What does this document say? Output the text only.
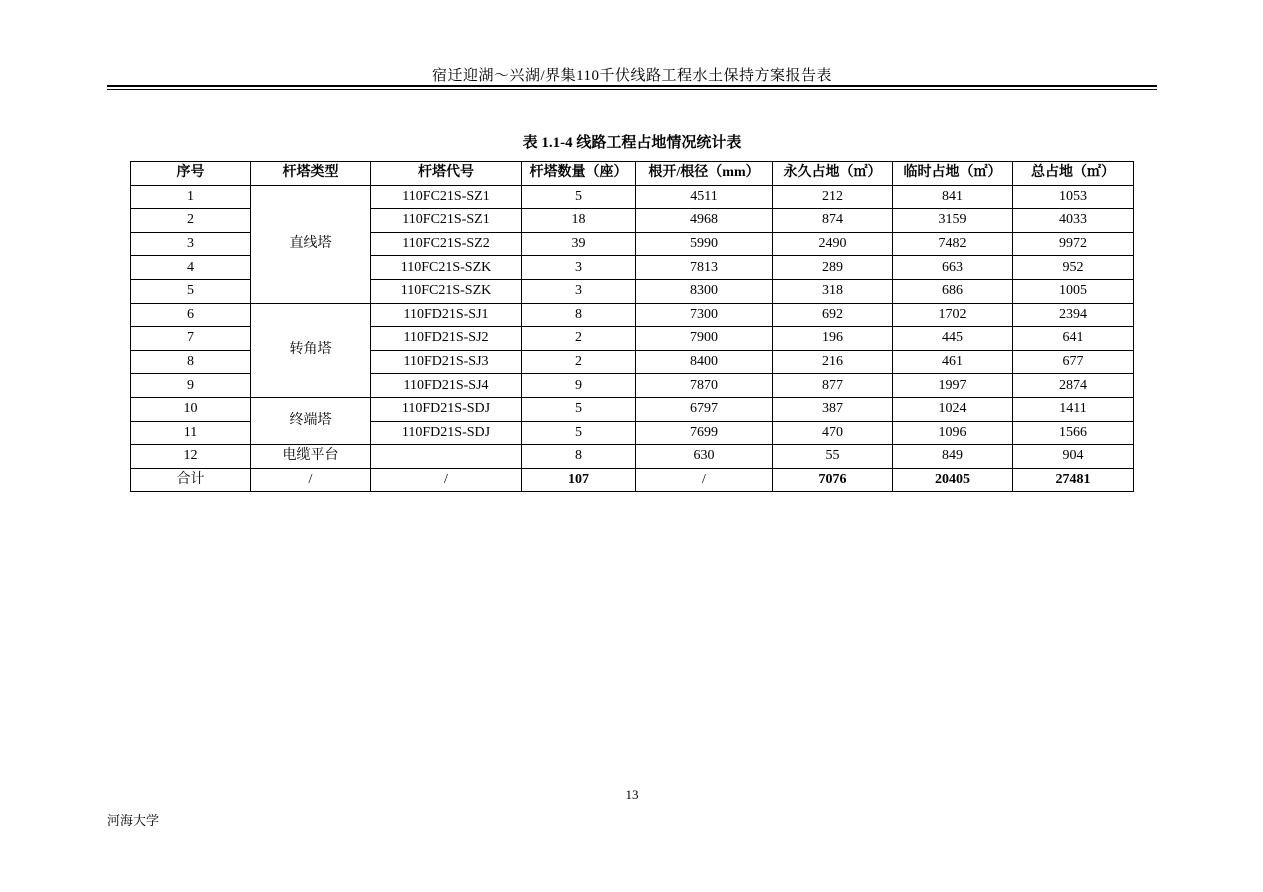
宿迁迎湖～兴湖/界集110千伏线路工程水土保持方案报告表
表 1.1-4 线路工程占地情况统计表
序号	杆塔类型	杆塔代号	杆塔数量（座）	根开/根径（mm）	永久占地（㎡）	临时占地（㎡）	总占地（㎡）
1	直线塔	110FC21S-SZ1	5	4511	212	841	1053
2		110FC21S-SZ1	18	4968	874	3159	4033
3		110FC21S-SZ2	39	5990	2490	7482	9972
4		110FC21S-SZK	3	7813	289	663	952
5		110FC21S-SZK	3	8300	318	686	1005
6	转角塔	110FD21S-SJ1	8	7300	692	1702	2394
7		110FD21S-SJ2	2	7900	196	445	641
8		110FD21S-SJ3	2	8400	216	461	677
9		110FD21S-SJ4	9	7870	877	1997	2874
10	终端塔	110FD21S-SDJ	5	6797	387	1024	1411
11		110FD21S-SDJ	5	7699	470	1096	1566
12	电缆平台		8	630	55	849	904
合计	/	/	107	/	7076	20405	27481
13
河海大学
